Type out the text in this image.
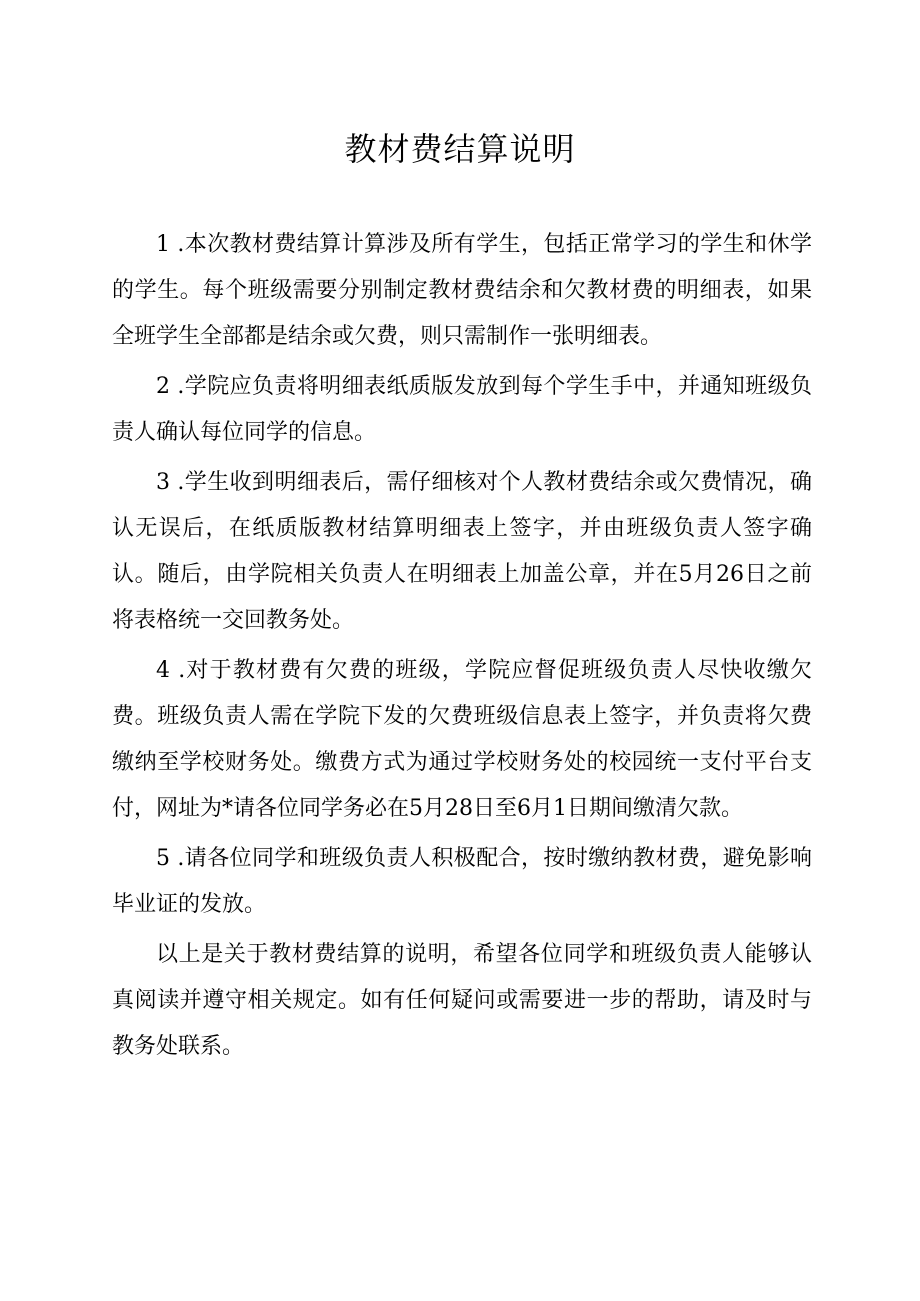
教材费结算说明

1 .本次教材费结算计算涉及所有学生，包括正常学习的学生和休学的学生。每个班级需要分别制定教材费结余和欠教材费的明细表，如果全班学生全部都是结余或欠费，则只需制作一张明细表。

2 .学院应负责将明细表纸质版发放到每个学生手中，并通知班级负责人确认每位同学的信息。

3 .学生收到明细表后，需仔细核对个人教材费结余或欠费情况，确认无误后，在纸质版教材结算明细表上签字，并由班级负责人签字确认。随后，由学院相关负责人在明细表上加盖公章，并在5月26日之前将表格统一交回教务处。

4 .对于教材费有欠费的班级，学院应督促班级负责人尽快收缴欠费。班级负责人需在学院下发的欠费班级信息表上签字，并负责将欠费缴纳至学校财务处。缴费方式为通过学校财务处的校园统一支付平台支付，网址为*请各位同学务必在5月28日至6月1日期间缴清欠款。

5 .请各位同学和班级负责人积极配合，按时缴纳教材费，避免影响毕业证的发放。

以上是关于教材费结算的说明，希望各位同学和班级负责人能够认真阅读并遵守相关规定。如有任何疑问或需要进一步的帮助，请及时与教务处联系。
